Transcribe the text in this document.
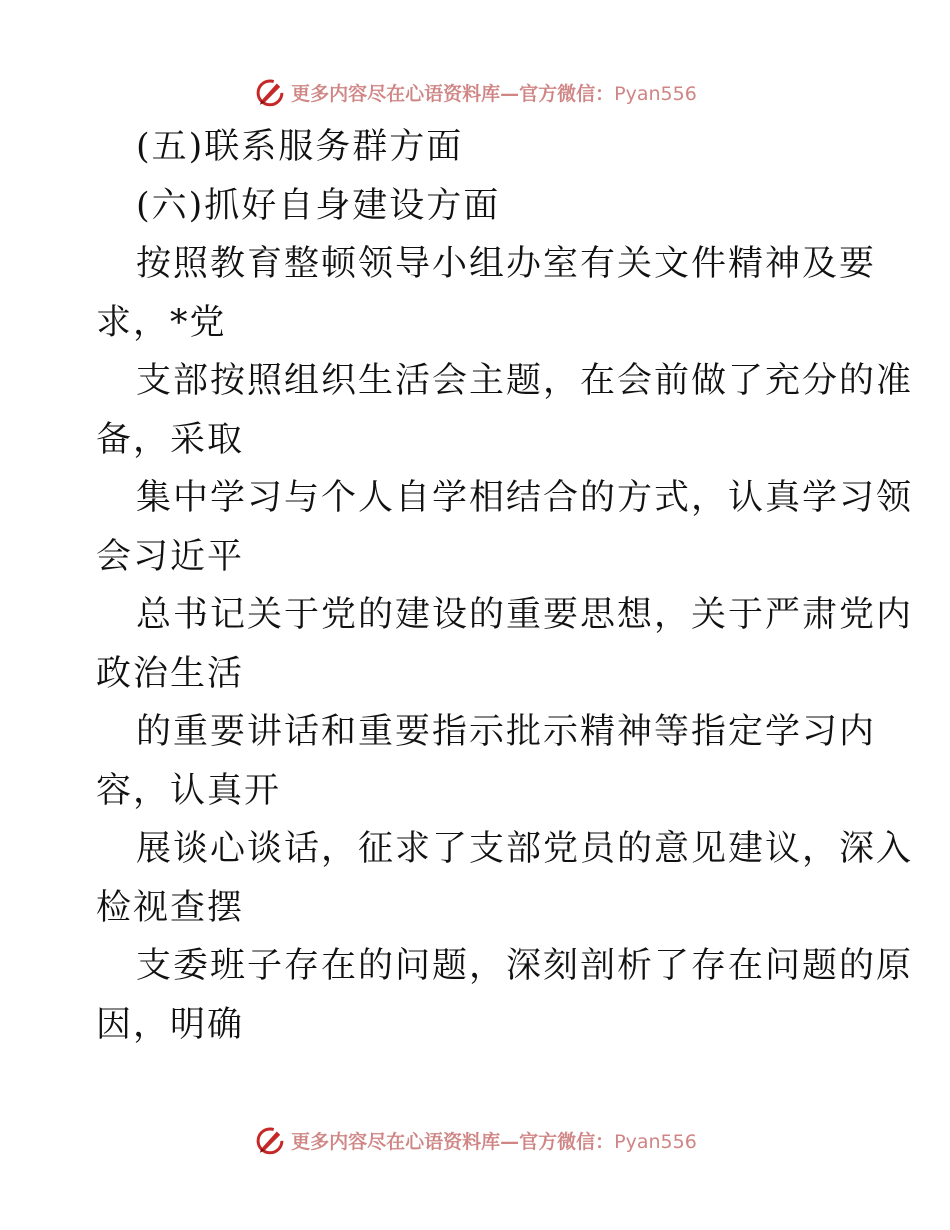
更多内容尽在心语资料库—官方微信：Pyan556
(五)联系服务群方面
(六)抓好自身建设方面
按照教育整顿领导小组办室有关文件精神及要
求，*党
支部按照组织生活会主题，在会前做了充分的准
备，采取
集中学习与个人自学相结合的方式，认真学习领
会习近平
总书记关于党的建设的重要思想，关于严肃党内
政治生活
的重要讲话和重要指示批示精神等指定学习内
容，认真开
展谈心谈话，征求了支部党员的意见建议，深入
检视查摆
支委班子存在的问题，深刻剖析了存在问题的原
因，明确
更多内容尽在心语资料库—官方微信：Pyan556
